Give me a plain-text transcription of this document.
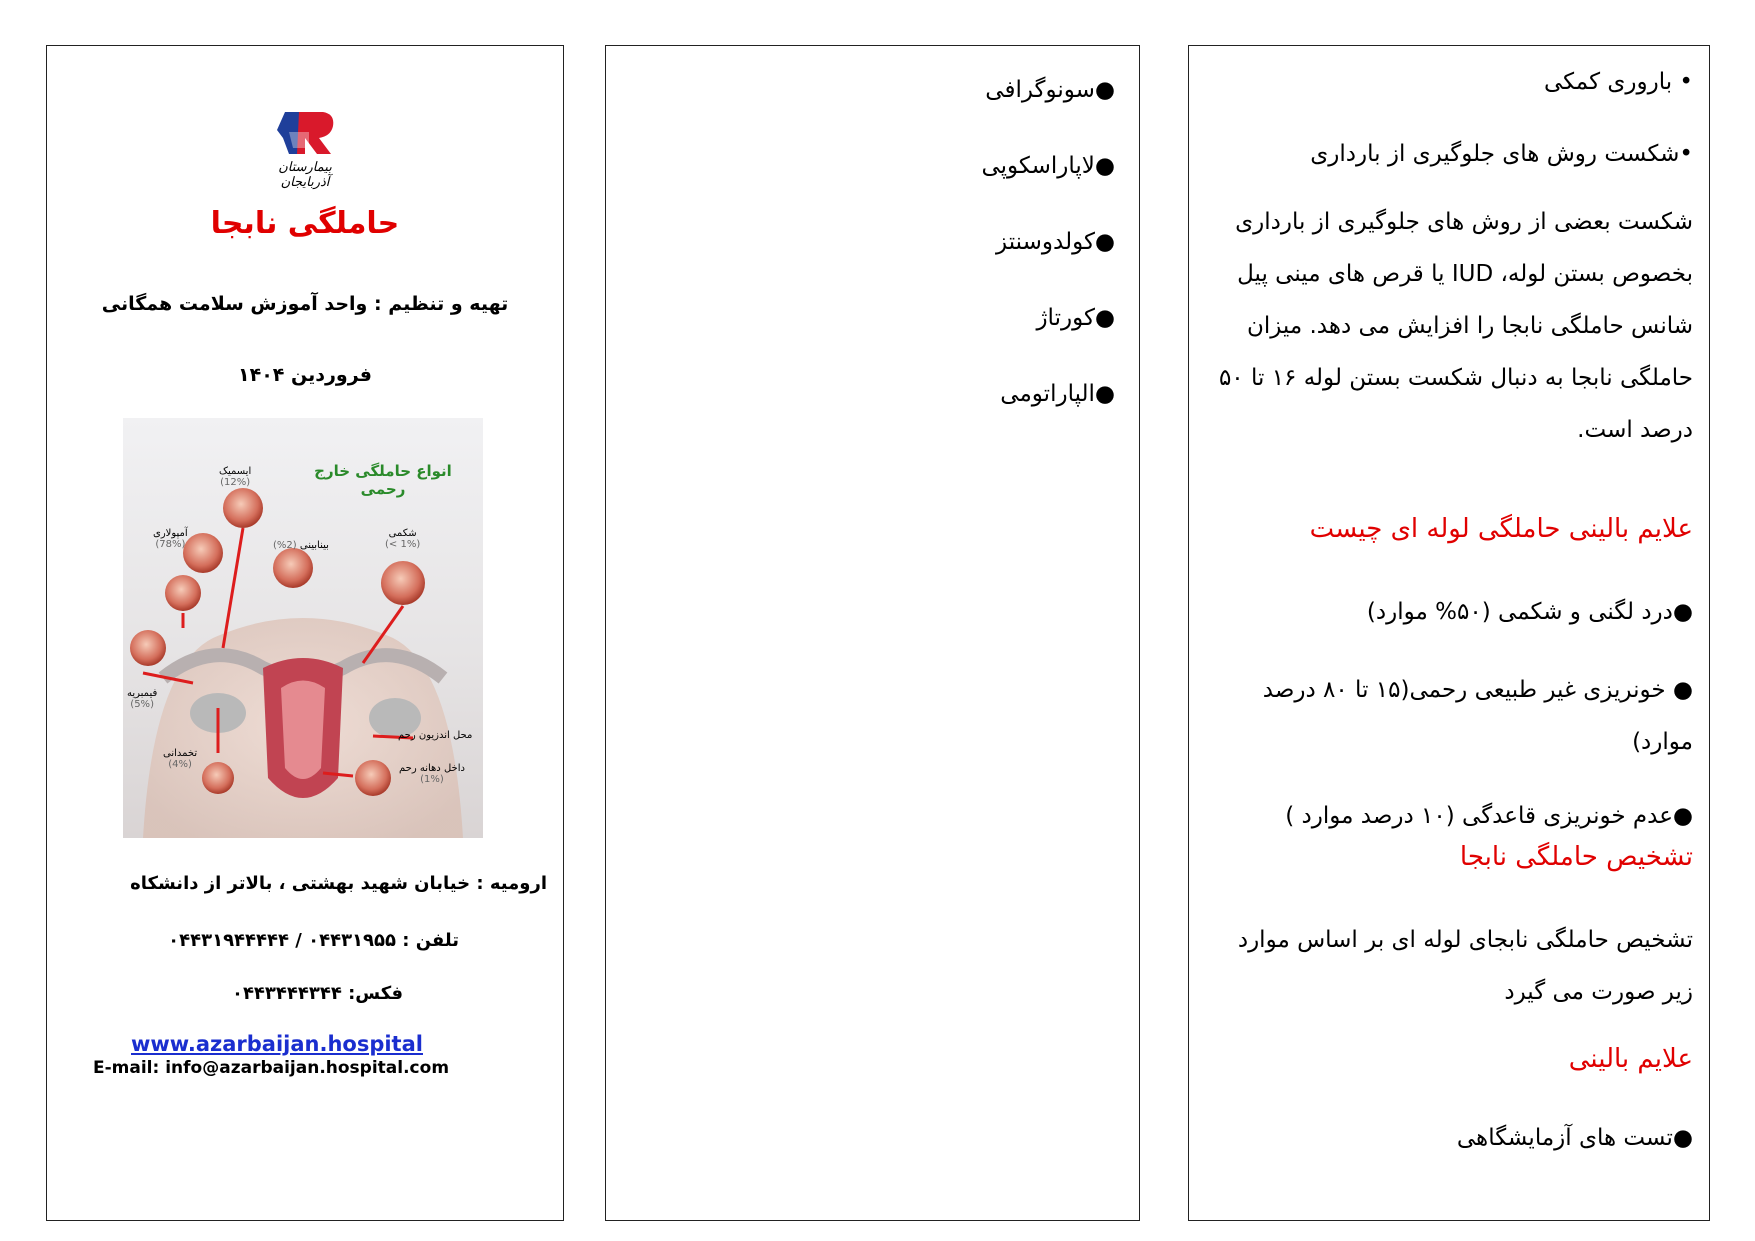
بیمارستان آذربایجان
حاملگی نابجا
تهیه و تنظیم : واحد آموزش سلامت همگانی
فروردین ۱۴۰۴
انواع حاملگی خارج رحمی
ایسمیک
(12%)
آمپولاری
(78%)	بینابینی (2%)
شکمی
(< 1%)
فیمبریه
(5%)
تخمدانی
(4%)
محل اندزیون رحم
داخل دهانه رحم
(1%)
ارومیه : خیابان شهید بهشتی ، بالاتر از دانشکاه
تلفن : ۰۴۴۳۱۹۵۵ / ۰۴۴۳۱۹۴۴۴۴۴
فکس: ۰۴۴۳۴۴۴۳۴۴
www.azarbaijan.hospital
E-mail: info@azarbaijan.hospital.com
●سونوگرافی
●لاپاراسکوپی
●کولدوسنتز
●کورتاژ
●الپاراتومی
• باروری کمکی
•شکست روش های جلوگیری از بارداری
شکست بعضی از روش های جلوگیری از بارداری
بخصوص بستن لوله، IUD یا قرص های مینی پیل
شانس حاملگی نابجا را افزایش می دهد. میزان
حاملگی نابجا به دنبال شکست بستن لوله ۱۶ تا ۵۰
درصد است.
علایم بالینی حاملگی لوله ای چیست
●درد لگنی و شکمی (۵۰% موارد)
● خونریزی غیر طبیعی رحمی(۱۵ تا ۸۰ درصد
موارد)
●عدم خونریزی قاعدگی (۱۰ درصد موارد )
تشخیص حاملگی نابجا
تشخیص حاملگی نابجای لوله ای بر اساس موارد
زیر صورت می گیرد
علایم بالینی
●تست های آزمایشگاهی
